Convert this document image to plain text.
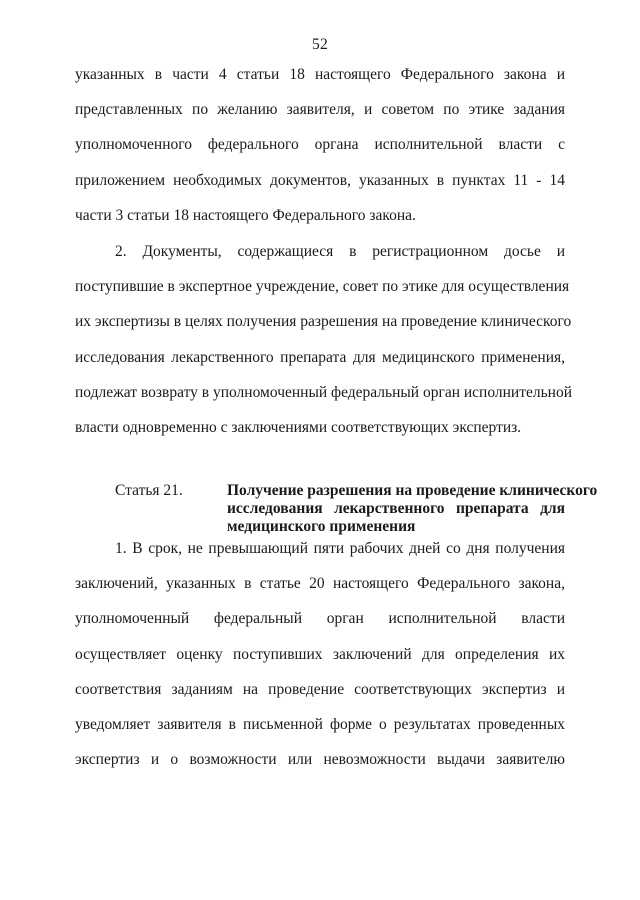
52
указанных в части 4 статьи 18 настоящего Федерального закона и
представленных по желанию заявителя, и советом по этике задания
уполномоченного федерального органа исполнительной власти с
приложением необходимых документов, указанных в пунктах 11 - 14
части 3 статьи 18 настоящего Федерального закона.
2. Документы, содержащиеся в регистрационном досье и
поступившие в экспертное учреждение, совет по этике для осуществления
их экспертизы в целях получения разрешения на проведение клинического
исследования лекарственного препарата для медицинского применения,
подлежат возврату в уполномоченный федеральный орган исполнительной
власти одновременно с заключениями соответствующих экспертиз.
Статья 21.	Получение разрешения на проведение клинического
исследования лекарственного препарата для
медицинского применения
1. В срок, не превышающий пяти рабочих дней со дня получения
заключений, указанных в статье 20 настоящего Федерального закона,
уполномоченный федеральный орган исполнительной власти
осуществляет оценку поступивших заключений для определения их
соответствия заданиям на проведение соответствующих экспертиз и
уведомляет заявителя в письменной форме о результатах проведенных
экспертиз и о возможности или невозможности выдачи заявителю
